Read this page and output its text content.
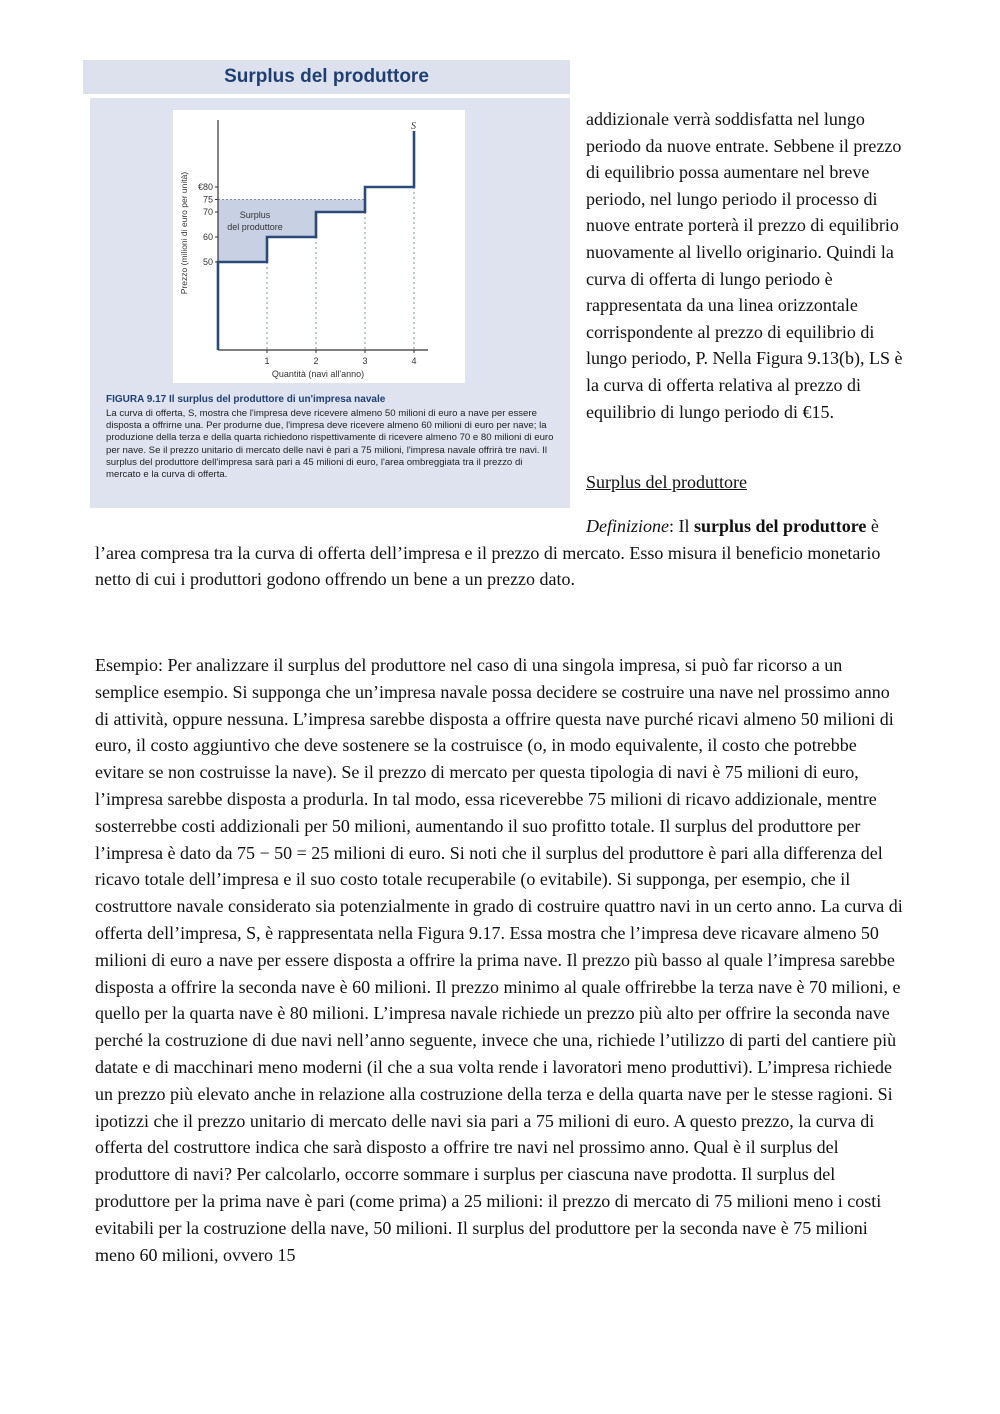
Surplus del produttore
S
Surplus
del produttore
50
60
70
75
€80
1	2	3	4
Quantità (navi all'anno)
Prezzo (milioni di euro per unità)

FIGURA 9.17 Il surplus del produttore di un'impresa navale

La curva di offerta, S, mostra che l'impresa deve ricevere almeno 50 milioni di euro a nave per essere disposta a offrirne una. Per produrne due, l'impresa deve ricevere almeno 60 milioni di euro per nave; la produzione della terza e della quarta richiedono rispettivamente di ricevere almeno 70 e 80 milioni di euro per nave. Se il prezzo unitario di mercato delle navi è pari a 75 milioni, l'impresa navale offrirà tre navi. Il surplus del produttore dell'impresa sarà pari a 45 milioni di euro, l'area ombreggiata tra il prezzo di mercato e la curva di offerta.

addizionale verrà soddisfatta nel lungo periodo da nuove entrate. Sebbene il prezzo di equilibrio possa aumentare nel breve periodo, nel lungo periodo il processo di nuove entrate porterà il prezzo di equilibrio nuovamente al livello originario. Quindi la curva di offerta di lungo periodo è rappresentata da una linea orizzontale corrispondente al prezzo di equilibrio di lungo periodo, P. Nella Figura 9.13(b), LS è la curva di offerta relativa al prezzo di equilibrio di lungo periodo di €15.

Surplus del produttore

Definizione: Il surplus del produttore è l’area compresa tra la curva di offerta dell’impresa e il prezzo di mercato. Esso misura il beneficio monetario netto di cui i produttori godono offrendo un bene a un prezzo dato.

Esempio: Per analizzare il surplus del produttore nel caso di una singola impresa, si può far ricorso a un semplice esempio. Si supponga che un’impresa navale possa decidere se costruire una nave nel prossimo anno di attività, oppure nessuna. L’impresa sarebbe disposta a offrire questa nave purché ricavi almeno 50 milioni di euro, il costo aggiuntivo che deve sostenere se la costruisce (o, in modo equivalente, il costo che potrebbe evitare se non costruisse la nave). Se il prezzo di mercato per questa tipologia di navi è 75 milioni di euro, l’impresa sarebbe disposta a produrla. In tal modo, essa riceverebbe 75 milioni di ricavo addizionale, mentre sosterrebbe costi addizionali per 50 milioni, aumentando il suo profitto totale. Il surplus del produttore per l’impresa è dato da 75 − 50 = 25 milioni di euro. Si noti che il surplus del produttore è pari alla differenza del ricavo totale dell’impresa e il suo costo totale recuperabile (o evitabile). Si supponga, per esempio, che il costruttore navale considerato sia potenzialmente in grado di costruire quattro navi in un certo anno. La curva di offerta dell’impresa, S, è rappresentata nella Figura 9.17. Essa mostra che l’impresa deve ricavare almeno 50 milioni di euro a nave per essere disposta a offrire la prima nave. Il prezzo più basso al quale l’impresa sarebbe disposta a offrire la seconda nave è 60 milioni. Il prezzo minimo al quale offrirebbe la terza nave è 70 milioni, e quello per la quarta nave è 80 milioni. L’impresa navale richiede un prezzo più alto per offrire la seconda nave perché la costruzione di due navi nell’anno seguente, invece che una, richiede l’utilizzo di parti del cantiere più datate e di macchinari meno moderni (il che a sua volta rende i lavoratori meno produttivi). L’impresa richiede un prezzo più elevato anche in relazione alla costruzione della terza e della quarta nave per le stesse ragioni. Si ipotizzi che il prezzo unitario di mercato delle navi sia pari a 75 milioni di euro. A questo prezzo, la curva di offerta del costruttore indica che sarà disposto a offrire tre navi nel prossimo anno. Qual è il surplus del produttore di navi? Per calcolarlo, occorre sommare i surplus per ciascuna nave prodotta. Il surplus del produttore per la prima nave è pari (come prima) a 25 milioni: il prezzo di mercato di 75 milioni meno i costi evitabili per la costruzione della nave, 50 milioni. Il surplus del produttore per la seconda nave è 75 milioni meno 60 milioni, ovvero 15
